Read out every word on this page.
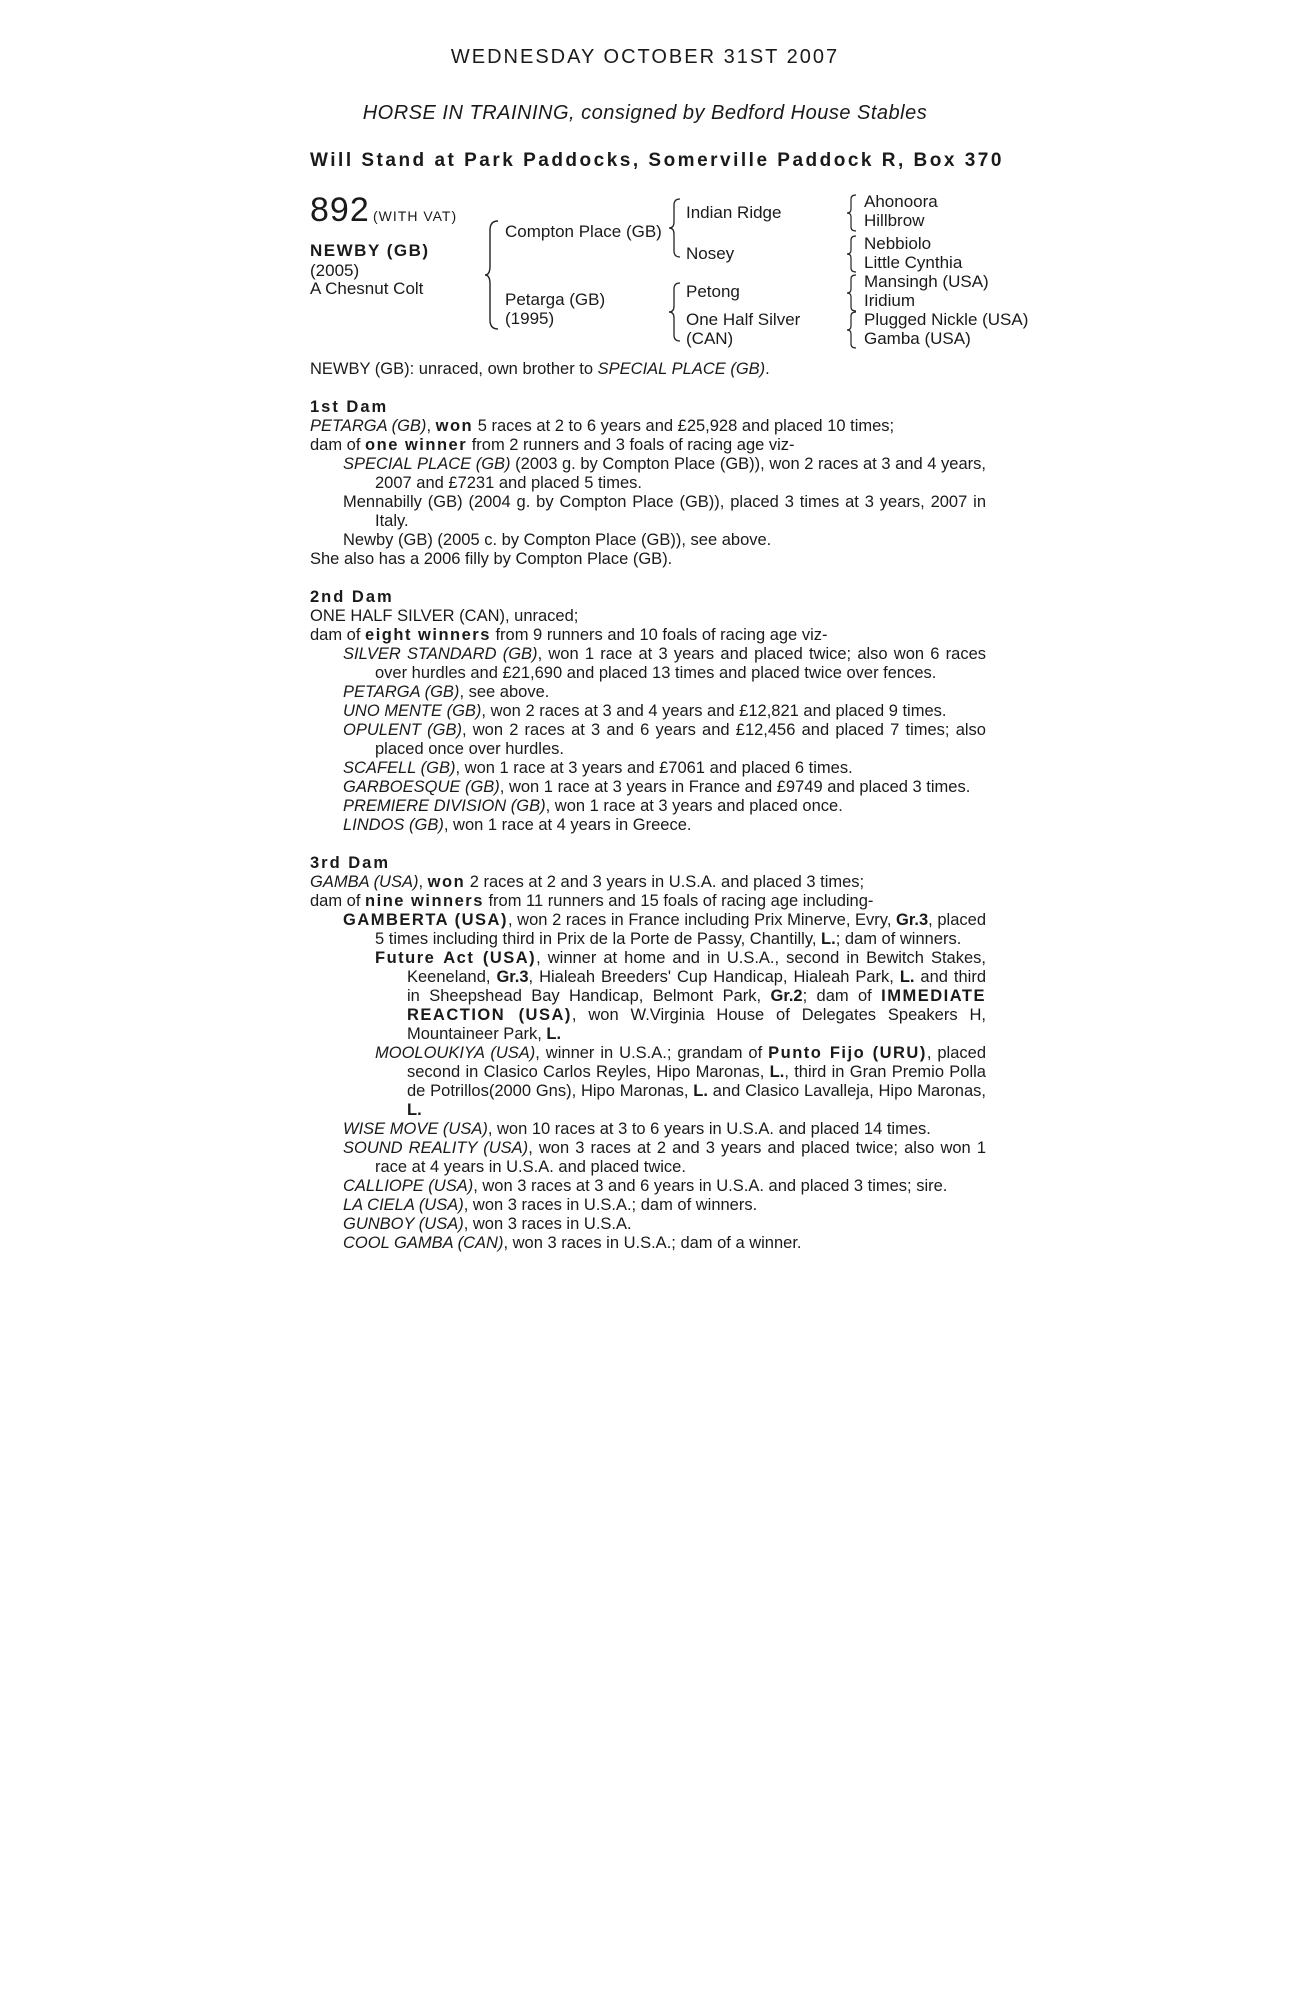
WEDNESDAY OCTOBER 31ST 2007
HORSE IN TRAINING, consigned by Bedford House Stables
Will Stand at Park Paddocks, Somerville Paddock R, Box 370
892 (WITH VAT)
NEWBY (GB)
(2005)
A Chesnut Colt
Compton Place (GB)
Petarga (GB)
(1995)
Indian Ridge
Nosey
Petong
One Half Silver
(CAN)
Ahonoora
Hillbrow
Nebbiolo
Little Cynthia
Mansingh (USA)
Iridium
Plugged Nickle (USA)
Gamba (USA)

NEWBY (GB): unraced, own brother to SPECIAL PLACE (GB).

1st Dam

PETARGA (GB), won 5 races at 2 to 6 years and £25,928 and placed 10 times;

dam of one winner from 2 runners and 3 foals of racing age viz-

SPECIAL PLACE (GB) (2003 g. by Compton Place (GB)), won 2 races at 3 and 4 years, 2007 and £7231 and placed 5 times.

Mennabilly (GB) (2004 g. by Compton Place (GB)), placed 3 times at 3 years, 2007 in Italy.

Newby (GB) (2005 c. by Compton Place (GB)), see above.

She also has a 2006 filly by Compton Place (GB).

2nd Dam

ONE HALF SILVER (CAN), unraced;

dam of eight winners from 9 runners and 10 foals of racing age viz-

SILVER STANDARD (GB), won 1 race at 3 years and placed twice; also won 6 races over hurdles and £21,690 and placed 13 times and placed twice over fences.

PETARGA (GB), see above.

UNO MENTE (GB), won 2 races at 3 and 4 years and £12,821 and placed 9 times.

OPULENT (GB), won 2 races at 3 and 6 years and £12,456 and placed 7 times; also placed once over hurdles.

SCAFELL (GB), won 1 race at 3 years and £7061 and placed 6 times.

GARBOESQUE (GB), won 1 race at 3 years in France and £9749 and placed 3 times.

PREMIERE DIVISION (GB), won 1 race at 3 years and placed once.

LINDOS (GB), won 1 race at 4 years in Greece.

3rd Dam

GAMBA (USA), won 2 races at 2 and 3 years in U.S.A. and placed 3 times;

dam of nine winners from 11 runners and 15 foals of racing age including-

GAMBERTA (USA), won 2 races in France including Prix Minerve, Evry, Gr.3, placed 5 times including third in Prix de la Porte de Passy, Chantilly, L.; dam of winners.

Future Act (USA), winner at home and in U.S.A., second in Bewitch Stakes, Keeneland, Gr.3, Hialeah Breeders' Cup Handicap, Hialeah Park, L. and third in Sheepshead Bay Handicap, Belmont Park, Gr.2; dam of IMMEDIATE REACTION (USA), won W.Virginia House of Delegates Speakers H, Mountaineer Park, L.

MOOLOUKIYA (USA), winner in U.S.A.; grandam of Punto Fijo (URU), placed second in Clasico Carlos Reyles, Hipo Maronas, L., third in Gran Premio Polla de Potrillos(2000 Gns), Hipo Maronas, L. and Clasico Lavalleja, Hipo Maronas, L.

WISE MOVE (USA), won 10 races at 3 to 6 years in U.S.A. and placed 14 times.

SOUND REALITY (USA), won 3 races at 2 and 3 years and placed twice; also won 1 race at 4 years in U.S.A. and placed twice.

CALLIOPE (USA), won 3 races at 3 and 6 years in U.S.A. and placed 3 times; sire.

LA CIELA (USA), won 3 races in U.S.A.; dam of winners.

GUNBOY (USA), won 3 races in U.S.A.

COOL GAMBA (CAN), won 3 races in U.S.A.; dam of a winner.
